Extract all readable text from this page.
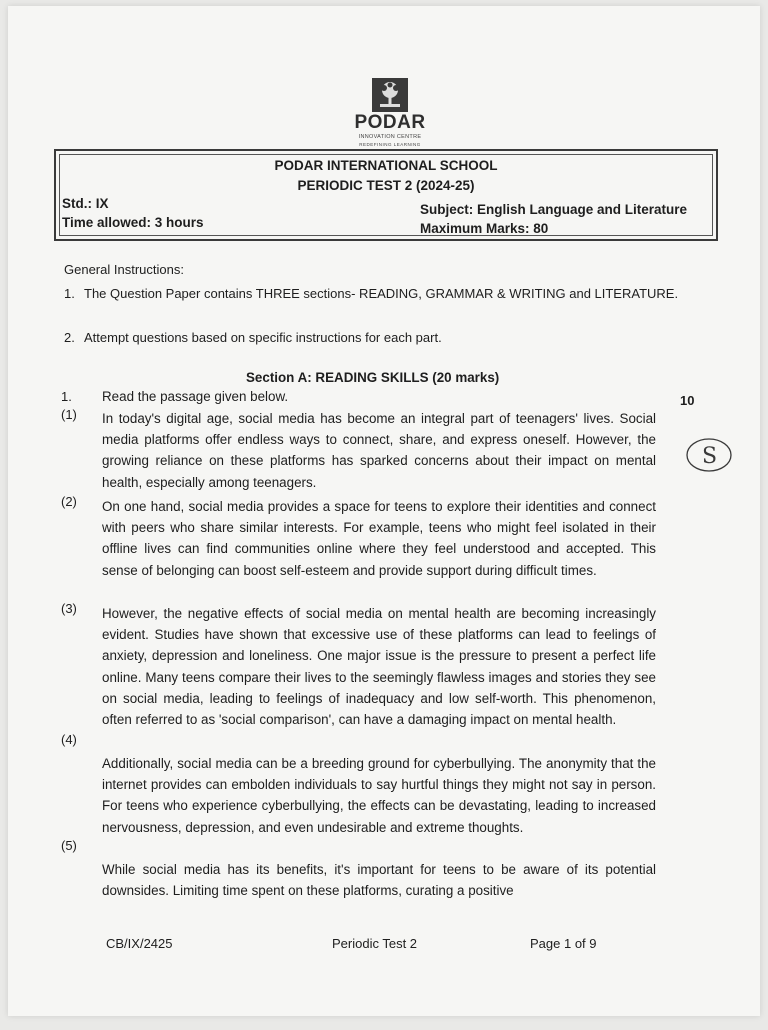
PODAR
INNOVATION CENTRE
REDEFINING LEARNING
PODAR INTERNATIONAL SCHOOL
PERIODIC TEST 2 (2024-25)
Std.: IX
Time allowed: 3 hours
Subject: English Language and Literature
Maximum Marks: 80
General Instructions:
1. The Question Paper contains THREE sections- READING, GRAMMAR & WRITING and LITERATURE.
2. Attempt questions based on specific instructions for each part.
Section A: READING SKILLS (20 marks)
1. Read the passage given below.	10
(1) In today's digital age, social media has become an integral part of teenagers' lives. Social media platforms offer endless ways to connect, share, and express oneself. However, the growing reliance on these platforms has sparked concerns about their impact on mental health, especially among teenagers.
(2) On one hand, social media provides a space for teens to explore their identities and connect with peers who share similar interests. For example, teens who might feel isolated in their offline lives can find communities online where they feel understood and accepted. This sense of belonging can boost self-esteem and provide support during difficult times.
(3) However, the negative effects of social media on mental health are becoming increasingly evident. Studies have shown that excessive use of these platforms can lead to feelings of anxiety, depression and loneliness. One major issue is the pressure to present a perfect life online. Many teens compare their lives to the seemingly flawless images and stories they see on social media, leading to feelings of inadequacy and low self-worth. This phenomenon, often referred to as 'social comparison', can have a damaging impact on mental health.
(4)
Additionally, social media can be a breeding ground for cyberbullying. The anonymity that the internet provides can embolden individuals to say hurtful things they might not say in person. For teens who experience cyberbullying, the effects can be devastating, leading to increased nervousness, depression, and even undesirable and extreme thoughts.
(5)
While social media has its benefits, it's important for teens to be aware of its potential downsides. Limiting time spent on these platforms, curating a positive
S
CB/IX/2425	Periodic Test 2	Page 1 of 9
